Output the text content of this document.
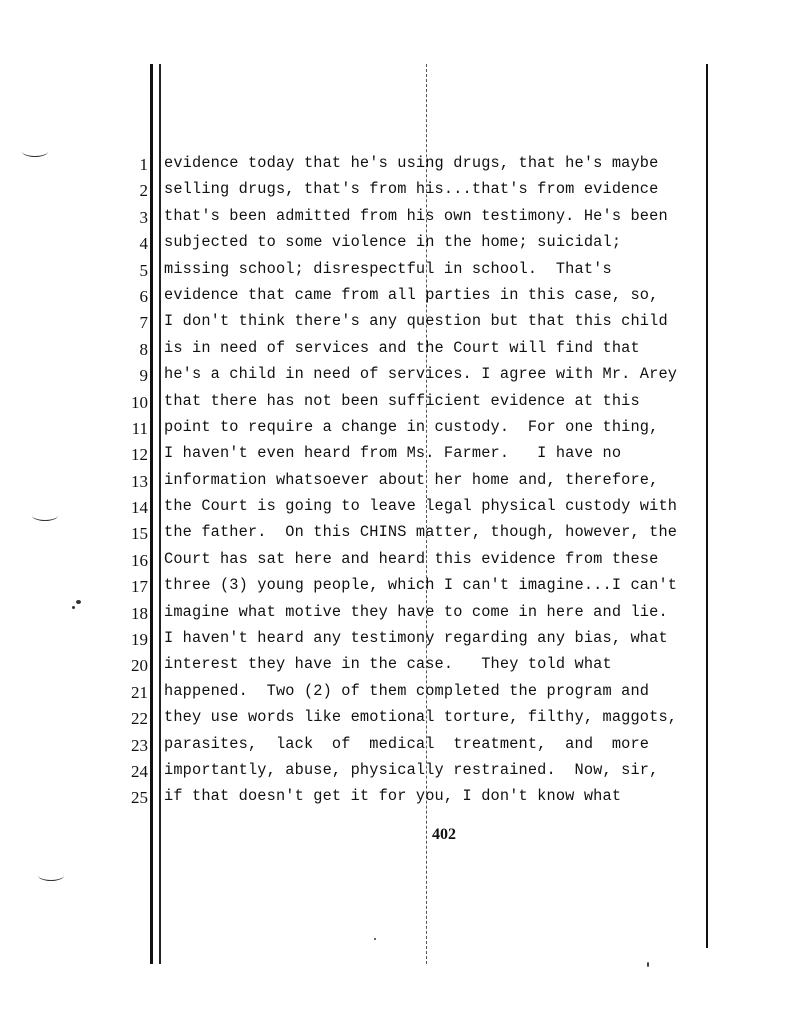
1
2
3
4
5
6
7
8
9
10
11
12
13
14
15
16
17
18
19
20
21
22
23
24
25
evidence today that he's using drugs, that he's maybe
selling drugs, that's from his...that's from evidence
that's been admitted from his own testimony. He's been
subjected to some violence in the home; suicidal;
missing school; disrespectful in school.  That's
evidence that came from all parties in this case, so,
I don't think there's any question but that this child
is in need of services and the Court will find that
he's a child in need of services. I agree with Mr. Arey
that there has not been sufficient evidence at this
point to require a change in custody.  For one thing,
I haven't even heard from Ms. Farmer.   I have no
information whatsoever about her home and, therefore,
the Court is going to leave legal physical custody with
the father.  On this CHINS matter, though, however, the
Court has sat here and heard this evidence from these
three (3) young people, which I can't imagine...I can't
imagine what motive they have to come in here and lie.
I haven't heard any testimony regarding any bias, what
interest they have in the case.   They told what
happened.  Two (2) of them completed the program and
they use words like emotional torture, filthy, maggots,
parasites,  lack  of  medical  treatment,  and  more
importantly, abuse, physically restrained.  Now, sir,
if that doesn't get it for you, I don't know what
402
